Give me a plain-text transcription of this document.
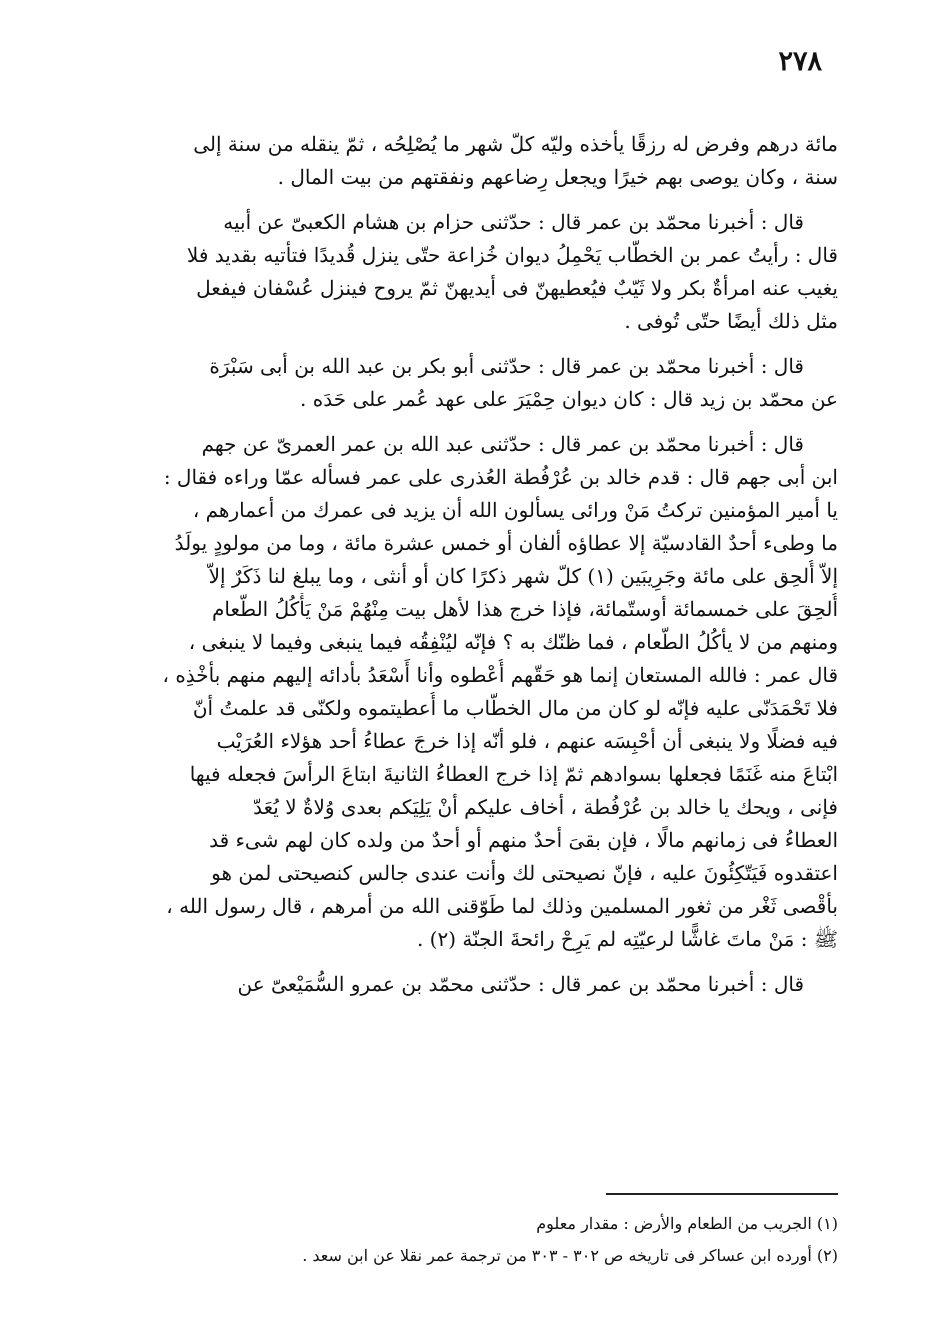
٢٧٨

مائة درهم وفرض له رزقًا يأخذه وليّه كلّ شهر ما يُصْلِحُه ، ثمّ ينقله من سنة إلى
سنة ، وكان يوصى بهم خيرًا ويجعل رِضاعهم ونفقتهم من بيت المال .

قال : أخبرنا محمّد بن عمر قال : حدّثنى حزام بن هشام الكعبىّ عن أبيه
قال : رأيتُ عمر بن الخطّاب يَحْمِلُ ديوان خُزاعة حتّى ينزل قُديدًا فتأتيه بقديد فلا
يغيب عنه امرأةٌ بكر ولا ثَيّبٌ فيُعطيهنّ فى أيديهنّ ثمّ يروح فينزل عُسْفان فيفعل
مثل ذلك أيضًا حتّى تُوفى .

قال : أخبرنا محمّد بن عمر قال : حدّثنى أبو بكر بن عبد الله بن أبى سَبْرَة
عن محمّد بن زيد قال : كان ديوان حِمْيَرَ على عهد عُمر على حَدَه .

قال : أخبرنا محمّد بن عمر قال : حدّثنى عبد الله بن عمر العمرىّ عن جهم
ابن أبى جهم قال : قدم خالد بن عُرْفُطة العُذرى على عمر فسأله عمّا وراءه فقال :
يا أمير المؤمنين تركتُ مَنْ ورائى يسألون الله أن يزيد فى عمرك من أعمارهم ،
ما وطىء أحدٌ القادسيّة إلا عطاؤه ألفان أو خمس عشرة مائة ، وما من مولودٍ يولَدُ
إلاّ أُلحِق على مائة وجَرِيبَين (١) كلّ شهر ذكرًا كان أو أنثى ، وما يبلغ لنا ذَكَرٌ إلاّ
أُلحِقَ على خمسمائة أوستّمائة، فإذا خرج هذا لأهل بيت مِنْهُمْ مَنْ يَأْكُلُ الطّعام
ومنهم من لا يأكُلُ الطّعام ، فما ظنّك به ؟ فإنّه ليُنْفِقُه فيما ينبغى وفيما لا ينبغى ،
قال عمر : فالله المستعان إنما هو حَقّهم أُعْطوه وأنا أَسْعَدُ بأدائه إليهم منهم بأخْذِه ،
فلا تَحْمَدَنّى عليه فإنّه لو كان من مال الخطّاب ما أُعطيتموه ولكنّى قد علمتُ أنّ
فيه فضلًا ولا ينبغى أن أحْبِسَه عنهم ، فلو أنّه إذا خرجَ عطاءُ أحد هؤلاء العُرَيْب
ابْتاعَ منه غَنَمًا فجعلها بسوادهم ثمّ إذا خرج العطاءُ الثانيةَ ابتاعَ الرأسَ فجعله فيها
فإنى ، ويحك يا خالد بن عُرْفُطة ، أخاف عليكم أنْ يَلِيَكم بعدى وُلاةٌ لا يُعَدّ
العطاءُ فى زمانهم مالًا ، فإن بقىَ أحدٌ منهم أو أحدٌ من ولده كان لهم شىء قد
اعتقدوه فَيَتّكِئُونَ عليه ، فإنّ نصيحتى لك وأنت عندى جالس كنصيحتى لمن هو
بأقْصى ثَغْر من ثغور المسلمين وذلك لما طَوّقنى الله من أمرهم ، قال رسول الله ،
ﷺ : مَنْ ماتَ غاشًّا لرعيّتِه لم يَرِحْ رائحةَ الجنّة (٢) .

قال : أخبرنا محمّد بن عمر قال : حدّثنى محمّد بن عمرو السُّمَيْعىّ عن

(١) الجريب من الطعام والأرض : مقدار معلوم
(٢) أورده ابن عساكر فى تاريخه ص ٣٠٢ - ٣٠٣ من ترجمة عمر نقلا عن ابن سعد .
